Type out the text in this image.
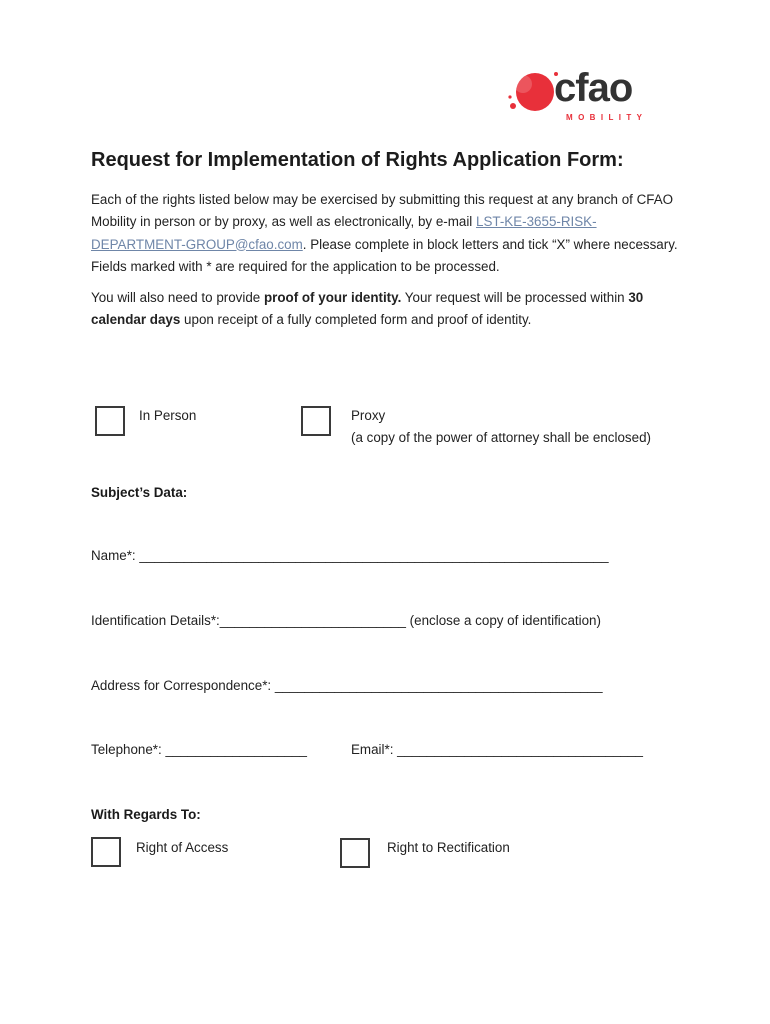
cfao
MOBILITY
Request for Implementation of Rights Application Form:

Each of the rights listed below may be exercised by submitting this request at any branch of CFAO Mobility in person or by proxy, as well as electronically, by e-mail LST-KE-3655-RISK-DEPARTMENT-GROUP@cfao.com. Please complete in block letters and tick “X” where necessary. Fields marked with * are required for the application to be processed.

You will also need to provide proof of your identity. Your request will be processed within 30 calendar days upon receipt of a fully completed form and proof of identity.

In Person	Proxy
(a copy of the power of attorney shall be enclosed)
Subject’s Data:
Name*: _______________________________________________________________
Identification Details*:_________________________ (enclose a copy of identification)
Address for Correspondence*: ____________________________________________
Telephone*: ___________________	Email*: _________________________________
With Regards To:
Right of Access	Right to Rectification
